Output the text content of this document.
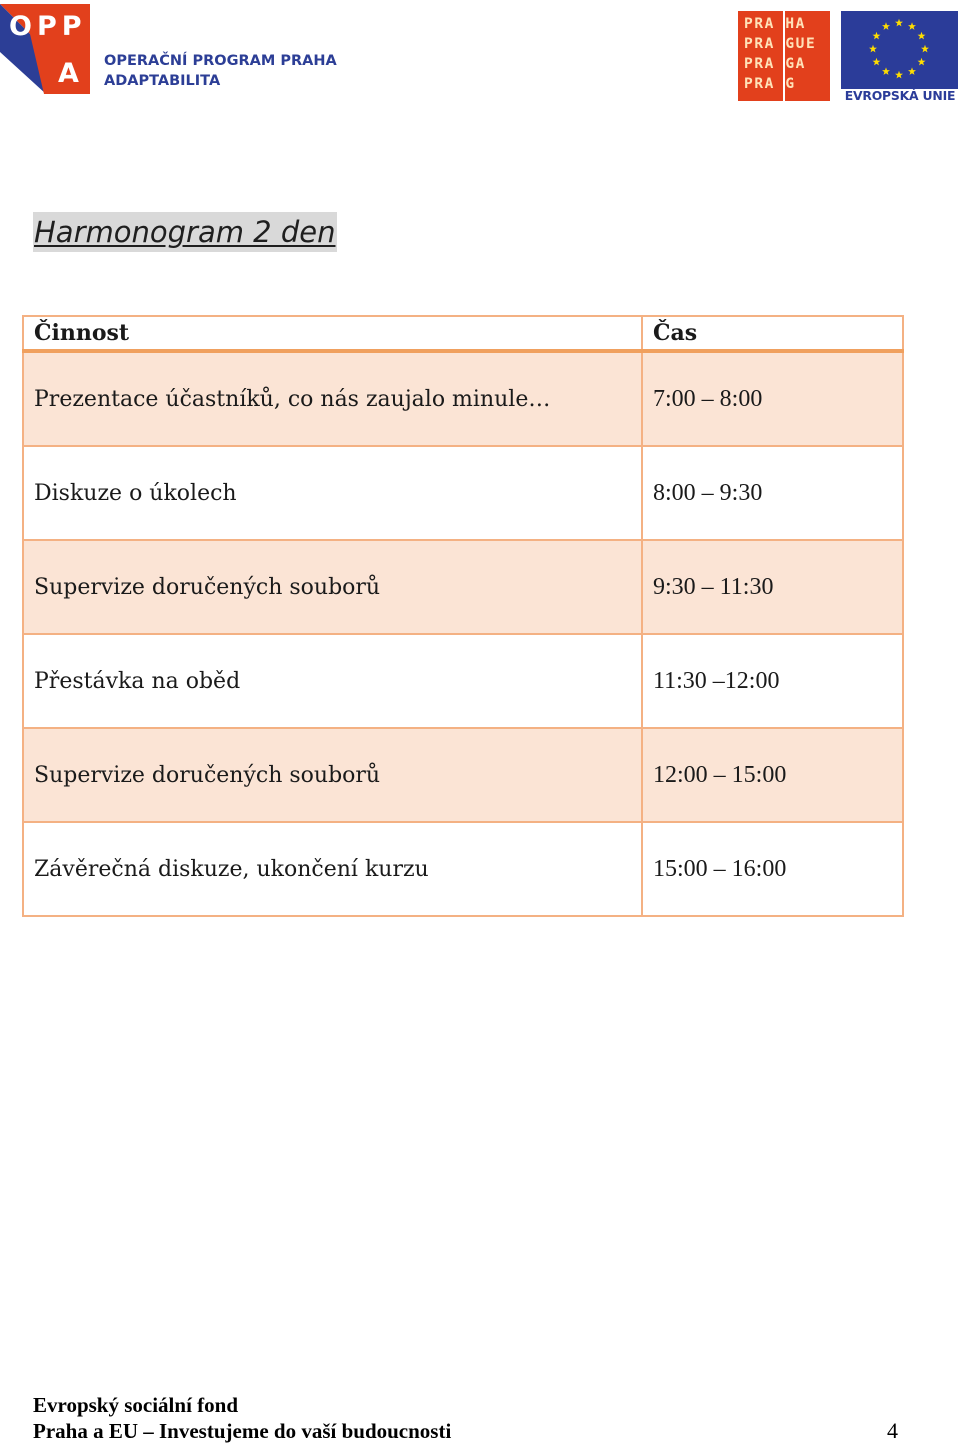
OPP
A OPERAČNÍ PROGRAM PRAHA
ADAPTABILITA
PRA HA
PRA GUE
PRA GA
PRA G
EVROPSKÁ UNIE
Harmonogram 2 den
Činnost	Čas
Prezentace účastníků, co nás zaujalo minule…	7:00 – 8:00
Diskuze o úkolech	8:00 – 9:30
Supervize doručených souborů	9:30 – 11:30
Přestávka na oběd	11:30 –12:00
Supervize doručených souborů	12:00 – 15:00
Závěrečná diskuze, ukončení kurzu	15:00 – 16:00
Evropský sociální fond
Praha a EU – Investujeme do vaší budoucnosti	4
